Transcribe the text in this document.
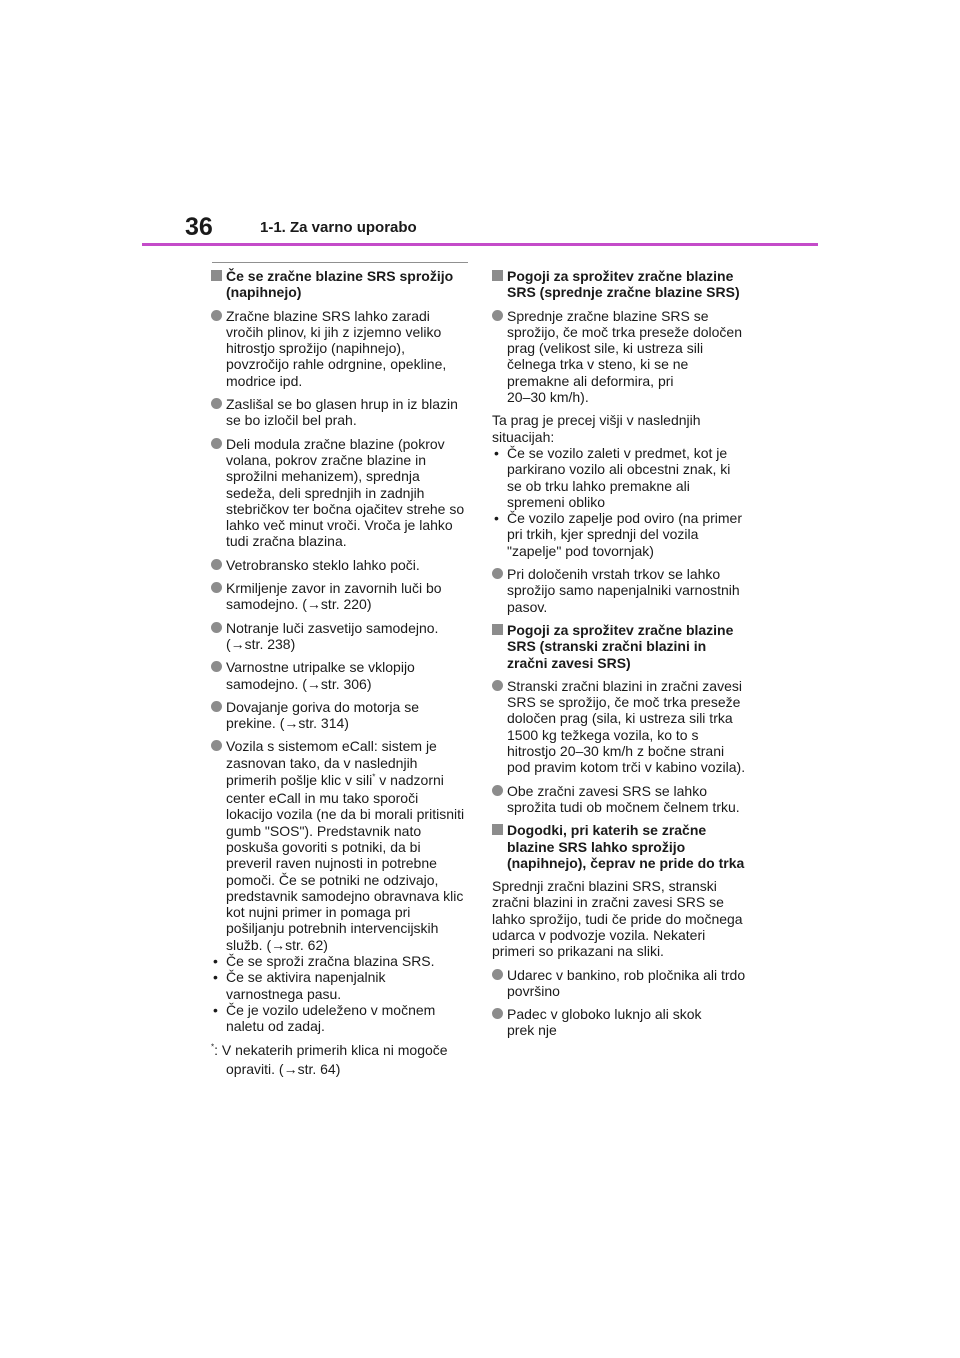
36	1-1. Za varno uporabo
Če se zračne blazine SRS sprožijo
(napihnejo)
Zračne blazine SRS lahko zaradi
vročih plinov, ki jih z izjemno veliko
hitrostjo sprožijo (napihnejo),
povzročijo rahle odrgnine, opekline,
modrice ipd.
Zaslišal se bo glasen hrup in iz blazin
se bo izločil bel prah.
Deli modula zračne blazine (pokrov
volana, pokrov zračne blazine in
sprožilni mehanizem), sprednja
sedeža, deli sprednjih in zadnjih
stebričkov ter bočna ojačitev strehe so
lahko več minut vroči. Vroča je lahko
tudi zračna blazina.
Vetrobransko steklo lahko poči.
Krmiljenje zavor in zavornih luči bo
samodejno. (→str. 220)
Notranje luči zasvetijo samodejno.
(→str. 238)
Varnostne utripalke se vklopijo
samodejno. (→str. 306)
Dovajanje goriva do motorja se
prekine. (→str. 314)
Vozila s sistemom eCall: sistem je
zasnovan tako, da v naslednjih
primerih pošlje klic v sili* v nadzorni
center eCall in mu tako sporoči
lokacijo vozila (ne da bi morali pritisniti
gumb "SOS"). Predstavnik nato
poskuša govoriti s potniki, da bi
preveril raven nujnosti in potrebne
pomoči. Če se potniki ne odzivajo,
predstavnik samodejno obravnava klic
kot nujni primer in pomaga pri
pošiljanju potrebnih intervencijskih
služb. (→str. 62)
• Če se sproži zračna blazina SRS.
• Če se aktivira napenjalnik
varnostnega pasu.
• Če je vozilo udeleženo v močnem
naletu od zadaj.
*: V nekaterih primerih klica ni mogoče
opraviti. (→str. 64)
Pogoji za sprožitev zračne blazine
SRS (sprednje zračne blazine SRS)
Sprednje zračne blazine SRS se
sprožijo, če moč trka preseže določen
prag (velikost sile, ki ustreza sili
čelnega trka v steno, ki se ne
premakne ali deformira, pri
20–30 km/h).

Ta prag je precej višji v naslednjih

situacijah:

• Če se vozilo zaleti v predmet, kot je
parkirano vozilo ali obcestni znak, ki
se ob trku lahko premakne ali
spremeni obliko
• Če vozilo zapelje pod oviro (na primer
pri trkih, kjer sprednji del vozila
"zapelje" pod tovornjak)
Pri določenih vrstah trkov se lahko
sprožijo samo napenjalniki varnostnih
pasov.
Pogoji za sprožitev zračne blazine
SRS (stranski zračni blazini in
zračni zavesi SRS)
Stranski zračni blazini in zračni zavesi
SRS se sprožijo, če moč trka preseže
določen prag (sila, ki ustreza sili trka
1500 kg težkega vozila, ko to s
hitrostjo 20–30 km/h z bočne strani
pod pravim kotom trči v kabino vozila).
Obe zračni zavesi SRS se lahko
sprožita tudi ob močnem čelnem trku.
Dogodki, pri katerih se zračne
blazine SRS lahko sprožijo
(napihnejo), čeprav ne pride do trka

Sprednji zračni blazini SRS, stranski

zračni blazini in zračni zavesi SRS se

lahko sprožijo, tudi če pride do močnega

udarca v podvozje vozila. Nekateri

primeri so prikazani na sliki.

Udarec v bankino, rob pločnika ali trdo
površino
Padec v globoko luknjo ali skok
prek nje
